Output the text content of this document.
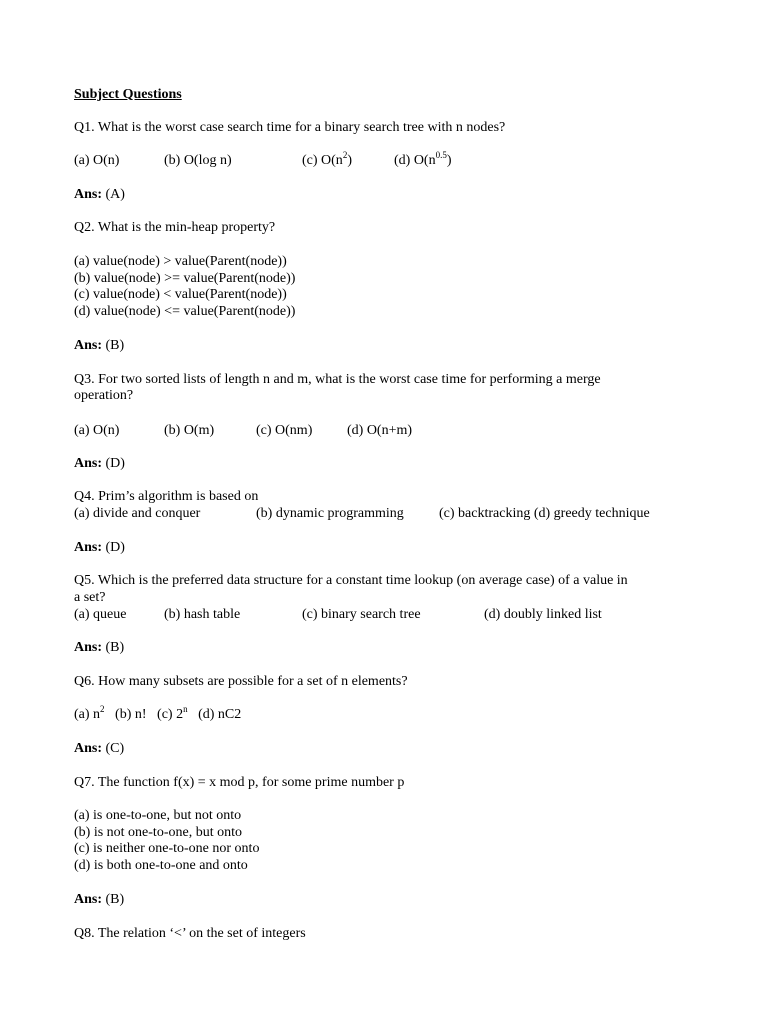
Subject Questions
Q1. What is the worst case search time for a binary search tree with n nodes?
(a) O(n)	(b) O(log n)	(c) $O(n^2)$	(d) $O(n^{0.5})$
Ans: (A)
Q2. What is the min-heap property?
(a) value(node) > value(Parent(node))
(b) value(node) >= value(Parent(node))
(c) value(node) < value(Parent(node))
(d) value(node) <= value(Parent(node))
Ans: (B)
Q3. For two sorted lists of length n and m, what is the worst case time for performing a merge
operation?
(a) O(n)	(b) O(m)	(c) O(nm) (d) O(n+m)
Ans: (D)
Q4. Prim’s algorithm is based on
(a) divide and conquer	(b) dynamic programming	(c) backtracking (d) greedy technique
Ans: (D)
Q5. Which is the preferred data structure for a constant time lookup (on average case) of a value in
a set?
(a) queue	(b) hash table	(c) binary search tree	(d) doubly linked list
Ans: (B)
Q6. How many subsets are possible for a set of n elements?
(a) $n^2$ (b) n! (c) 2$^n$ (d) nC2
Ans: (C)
Q7. The function f(x) = x mod p, for some prime number p
(a) is one-to-one, but not onto
(b) is not one-to-one, but onto
(c) is neither one-to-one nor onto
(d) is both one-to-one and onto
Ans: (B)
Q8. The relation ‘<’ on the set of integers
